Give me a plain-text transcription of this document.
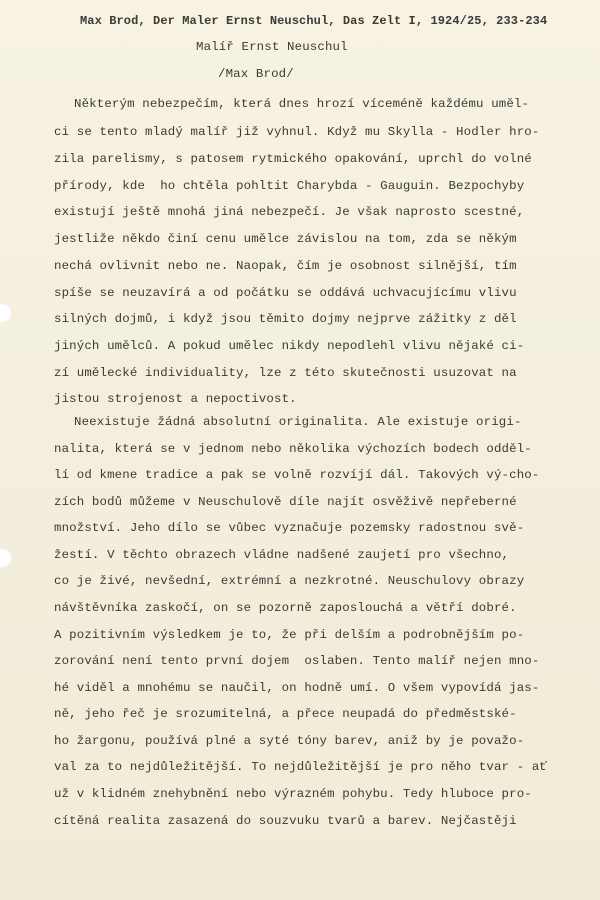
Max Brod, Der Maler Ernst Neuschul, Das Zelt I, 1924/25, 233-234
Malíř Ernst Neuschul
/Max Brod/
Některým nebezpečím, která dnes hrozí víceméně každému uměl-
ci se tento mladý malíř již vyhnul. Když mu Skylla - Hodler hro-
zila parelismy, s patosem rytmického opakování, uprchl do volné
přírody, kde  ho chtěla pohltit Charybda - Gauguin. Bezpochyby
existují ještě mnohá jiná nebezpečí. Je však naprosto scestné,
jestliže někdo činí cenu umělce závislou na tom, zda se někým
nechá ovlivnit nebo ne. Naopak, čím je osobnost silnější, tím
spíše se neuzavírá a od počátku se oddává uchvacujícímu vlivu
silných dojmů, i když jsou těmito dojmy nejprve zážitky z děl
jiných umělců. A pokud umělec nikdy nepodlehl vlivu nějaké ci-
zí umělecké individuality, lze z této skutečnosti usuzovat na
jistou strojenost a nepoctivost.
Neexistuje žádná absolutní originalita. Ale existuje origi-
nalita, která se v jednom nebo několika výchozích bodech odděl-
lí od kmene tradice a pak se volně rozvíjí dál. Takových vý-cho-
zích bodů můžeme v Neuschulově díle najít osvěživě nepřeberné
množství. Jeho dílo se vůbec vyznačuje pozemsky radostnou svě-
žestí. V těchto obrazech vládne nadšené zaujetí pro všechno,
co je živé, nevšední, extrémní a nezkrotné. Neuschulovy obrazy
návštěvníka zaskočí, on se pozorně zaposlouchá a větří dobré.
A pozitivním výsledkem je to, že při delším a podrobnějším po-
zorování není tento první dojem  oslaben. Tento malíř nejen mno-
hé viděl a mnohému se naučil, on hodně umí. O všem vypovídá jas-
ně, jeho řeč je srozumitelná, a přece neupadá do předměstské-
ho žargonu, používá plné a syté tóny barev, aniž by je považo-
val za to nejdůležitější. To nejdůležitější je pro něho tvar - ať
už v klidném znehybnění nebo výrazném pohybu. Tedy hluboce pro-
cítěná realita zasazená do souzvuku tvarů a barev. Nejčastěji
